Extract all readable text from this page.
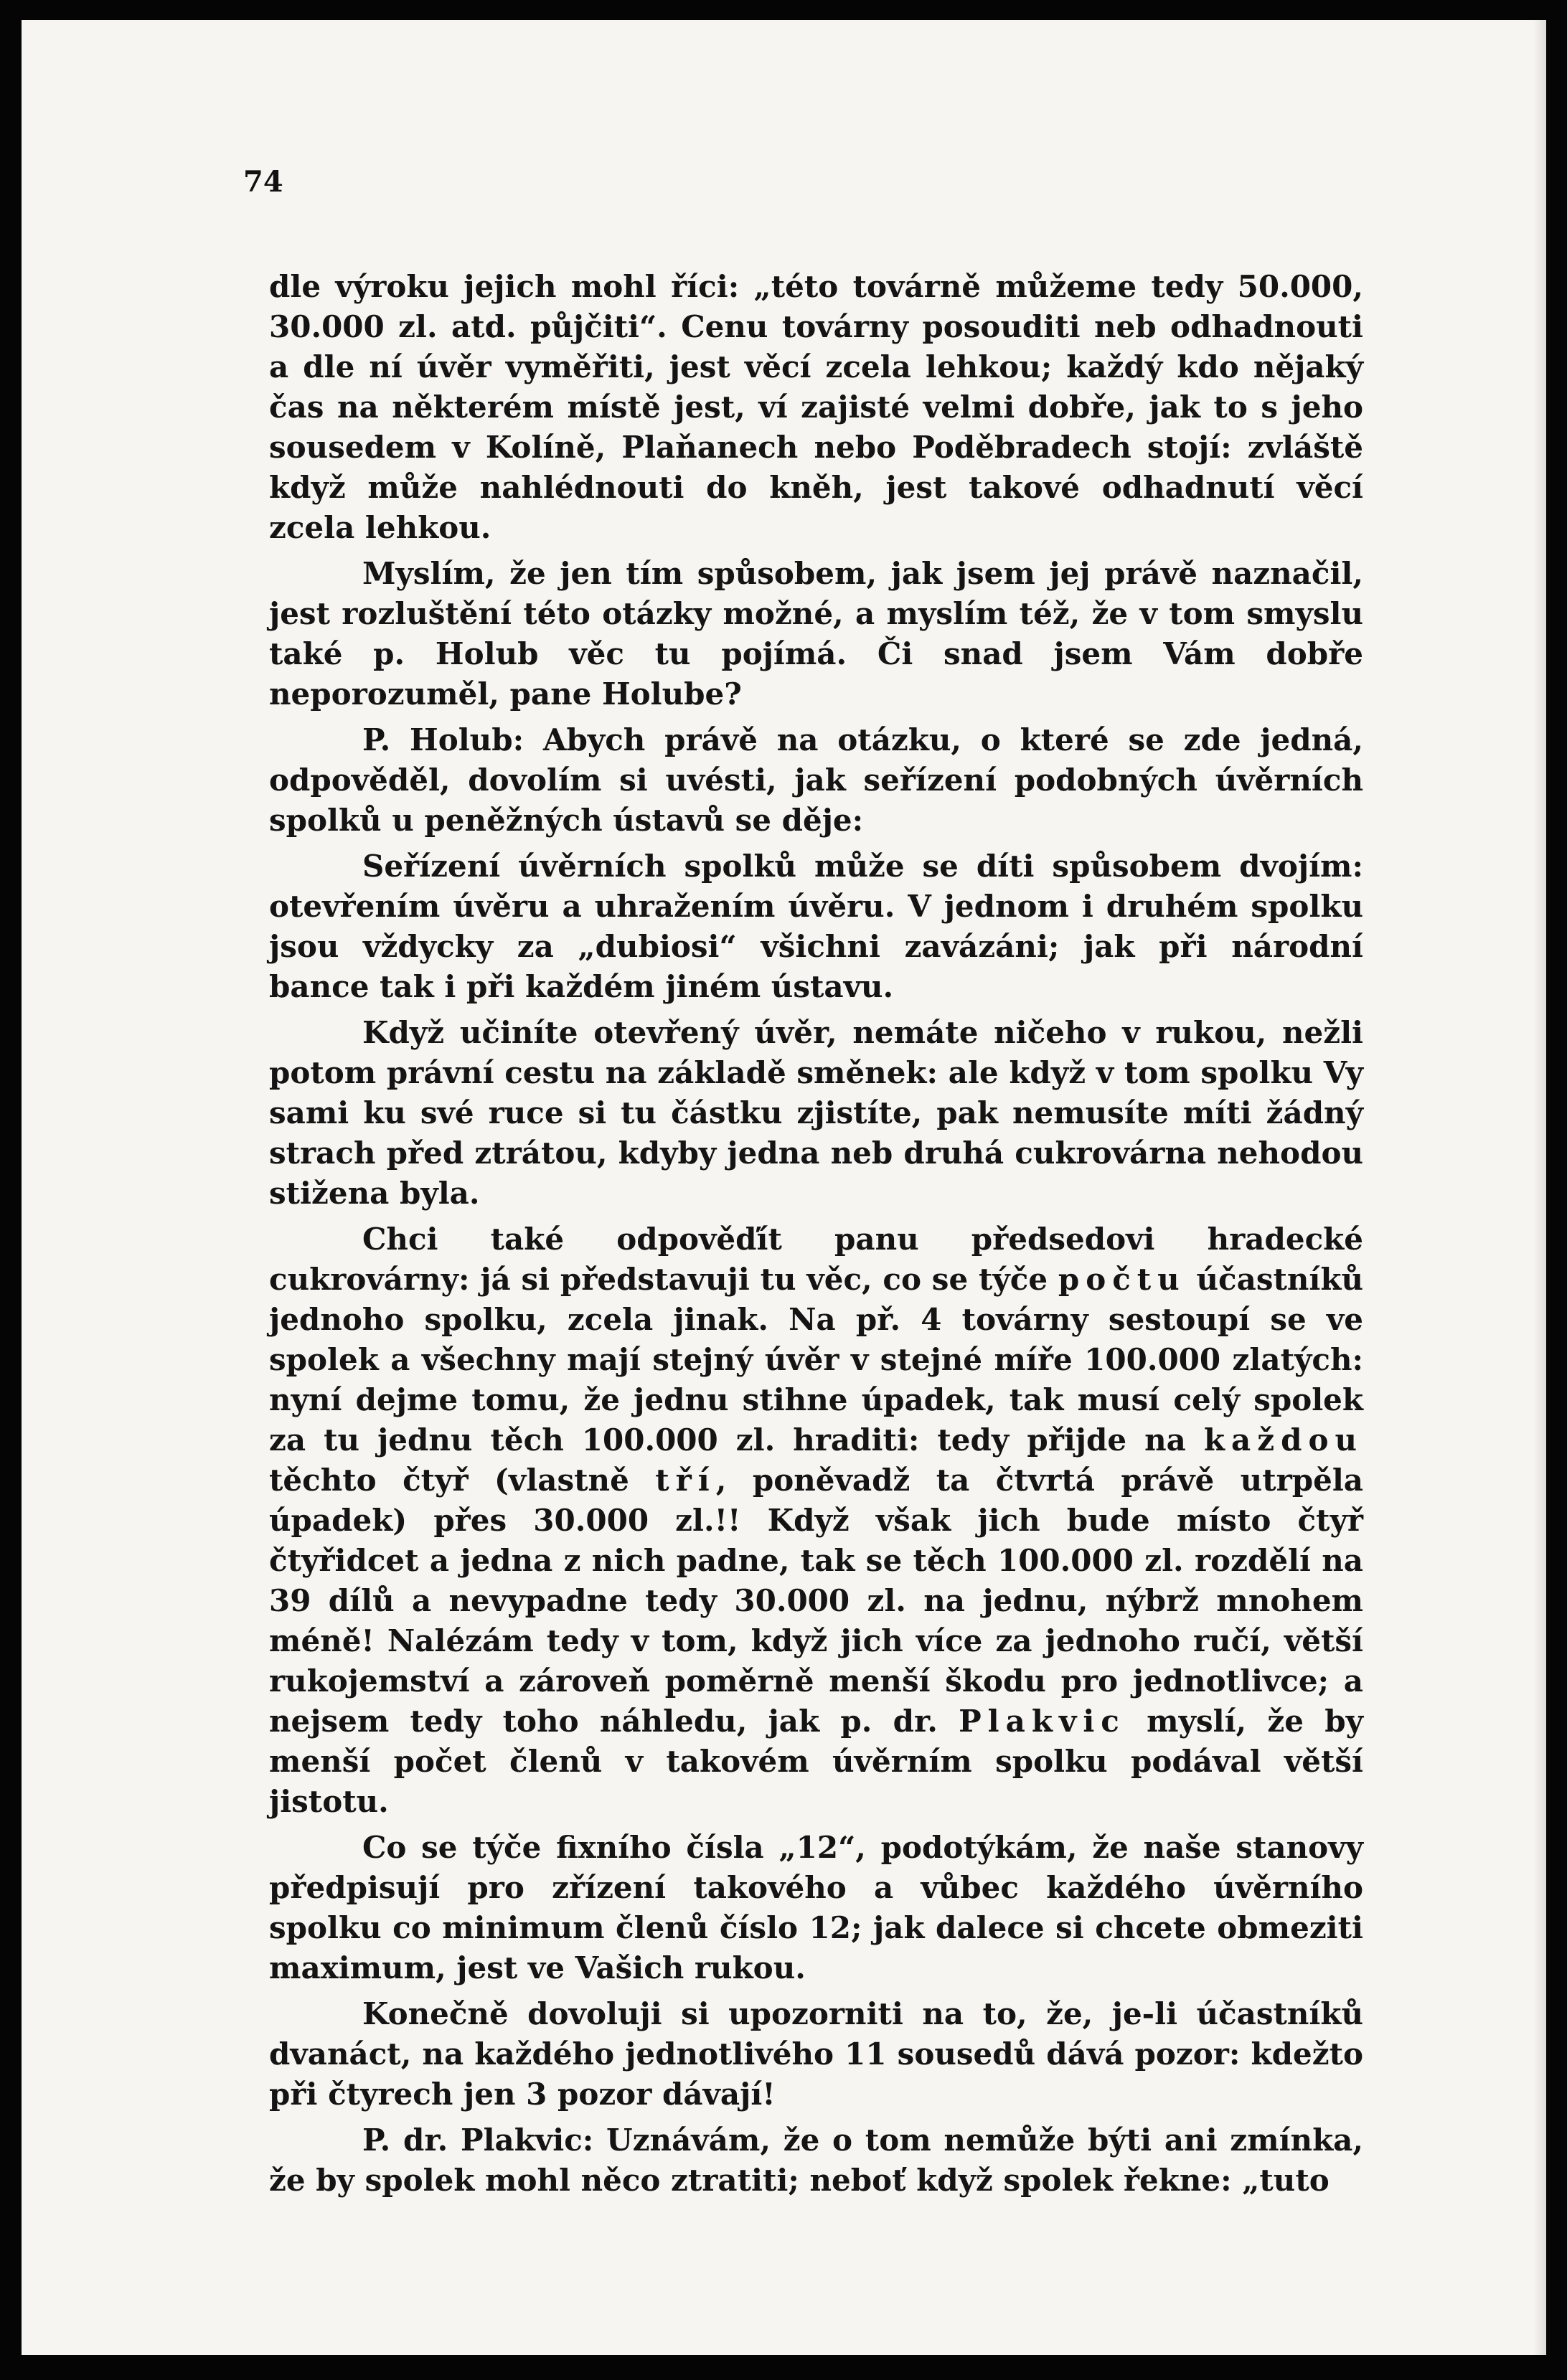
74

dle výroku jejich mohl říci: „této továrně můžeme tedy 50.000, 30.000 zl. atd. půjčiti“. Cenu továrny posouditi neb odhadnouti a dle ní úvěr vyměřiti, jest věcí zcela lehkou; každý kdo nějaký čas na některém místě jest, ví zajisté velmi dobře, jak to s jeho sousedem v Kolíně, Plaňanech nebo Poděbradech stojí: zvláště když může nahlédnouti do kněh, jest takové odhadnutí věcí zcela lehkou.

Myslím, že jen tím spůsobem, jak jsem jej právě naznačil, jest rozluštění této otázky možné, a myslím též, že v tom smyslu také p. Holub věc tu pojímá. Či snad jsem Vám dobře neporozuměl, pane Holube?

P. Holub: Abych právě na otázku, o které se zde jedná, odpověděl, dovolím si uvésti, jak seřízení podobných úvěrních spolků u peněžných ústavů se děje:

Seřízení úvěrních spolků může se díti spůsobem dvojím: otevřením úvěru a uhražením úvěru. V jednom i druhém spolku jsou vždycky za „dubiosi“ všichni zavázáni; jak při národní bance tak i při každém jiném ústavu.

Když učiníte otevřený úvěr, nemáte ničeho v rukou, nežli potom právní cestu na základě směnek: ale když v tom spolku Vy sami ku své ruce si tu částku zjistíte, pak nemusíte míti žádný strach před ztrátou, kdyby jedna neb druhá cukrovárna nehodou stižena byla.

Chci také odpověďít panu předsedovi hradecké cukrovárny: já si představuji tu věc, co se týče počtu účastníků jednoho spolku, zcela jinak. Na př. 4 továrny sestoupí se ve spolek a všechny mají stejný úvěr v stejné míře 100.000 zlatých: nyní dejme tomu, že jednu stihne úpadek, tak musí celý spolek za tu jednu těch 100.000 zl. hraditi: tedy přijde na každou těchto čtyř (vlastně tří, poněvadž ta čtvrtá právě utrpěla úpadek) přes 30.000 zl.!! Když však jich bude místo čtyř čtyřidcet a jedna z nich padne, tak se těch 100.000 zl. rozdělí na 39 dílů a nevypadne tedy 30.000 zl. na jednu, nýbrž mnohem méně! Nalézám tedy v tom, když jich více za jednoho ručí, větší rukojemství a zároveň poměrně menší škodu pro jednotlivce; a nejsem tedy toho náhledu, jak p. dr. Plakvic myslí, že by menší počet členů v takovém úvěrním spolku podával větší jistotu.

Co se týče fixního čísla „12“, podotýkám, že naše stanovy předpisují pro zřízení takového a vůbec každého úvěrního spolku co minimum členů číslo 12; jak dalece si chcete obmeziti maximum, jest ve Vašich rukou.

Konečně dovoluji si upozorniti na to, že, je-li účastníků dvanáct, na každého jednotlivého 11 sousedů dává pozor: kdežto při čtyrech jen 3 pozor dávají!

P. dr. Plakvic: Uznávám, že o tom nemůže býti ani zmínka, že by spolek mohl něco ztratiti; neboť když spolek řekne: „tuto
